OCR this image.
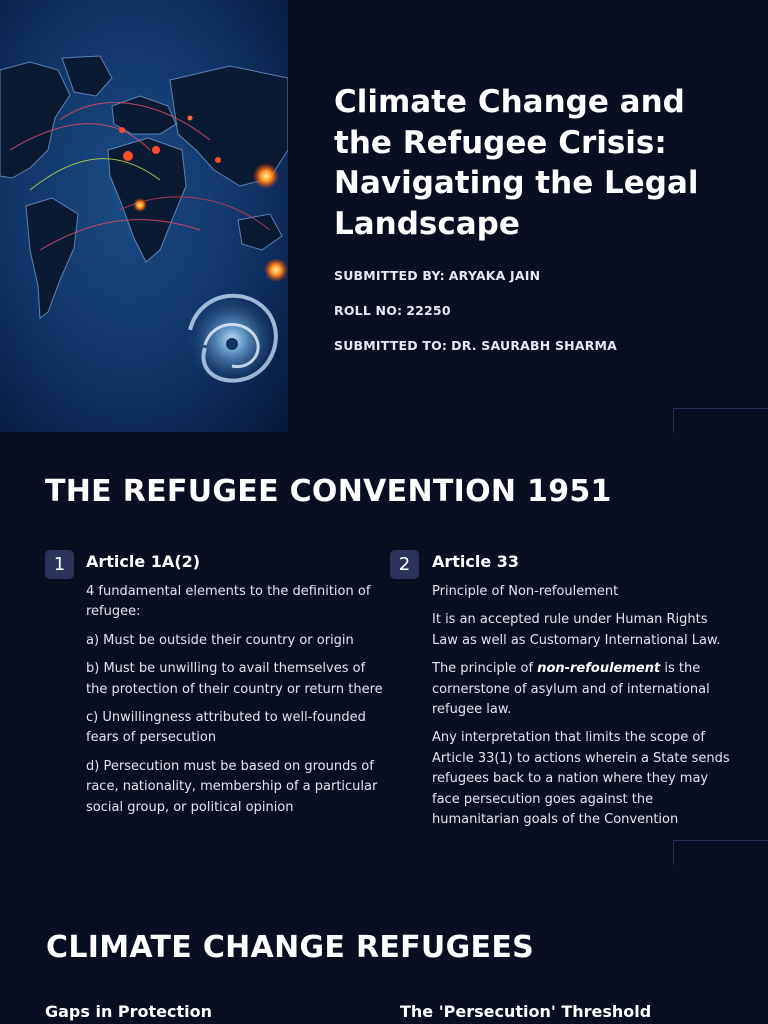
Climate Change and the Refugee Crisis: Navigating the Legal Landscape

SUBMITTED BY: ARYAKA JAIN

ROLL NO: 22250

SUBMITTED TO: DR. SAURABH SHARMA

THE REFUGEE CONVENTION 1951
1	Article 1A(2)

4 fundamental elements to the definition of refugee:

a) Must be outside their country or origin

b) Must be unwilling to avail themselves of the protection of their country or return there

c) Unwillingness attributed to well-founded fears of persecution

d) Persecution must be based on grounds of race, nationality, membership of a particular social group, or political opinion

2	Article 33

Principle of Non-refoulement

It is an accepted rule under Human Rights Law as well as Customary International Law.

The principle of non-refoulement is the cornerstone of asylum and of international refugee law.

Any interpretation that limits the scope of Article 33(1) to actions wherein a State sends refugees back to a nation where they may face persecution goes against the humanitarian goals of the Convention

CLIMATE CHANGE REFUGEES
Gaps in Protection	The 'Persecution' Threshold
